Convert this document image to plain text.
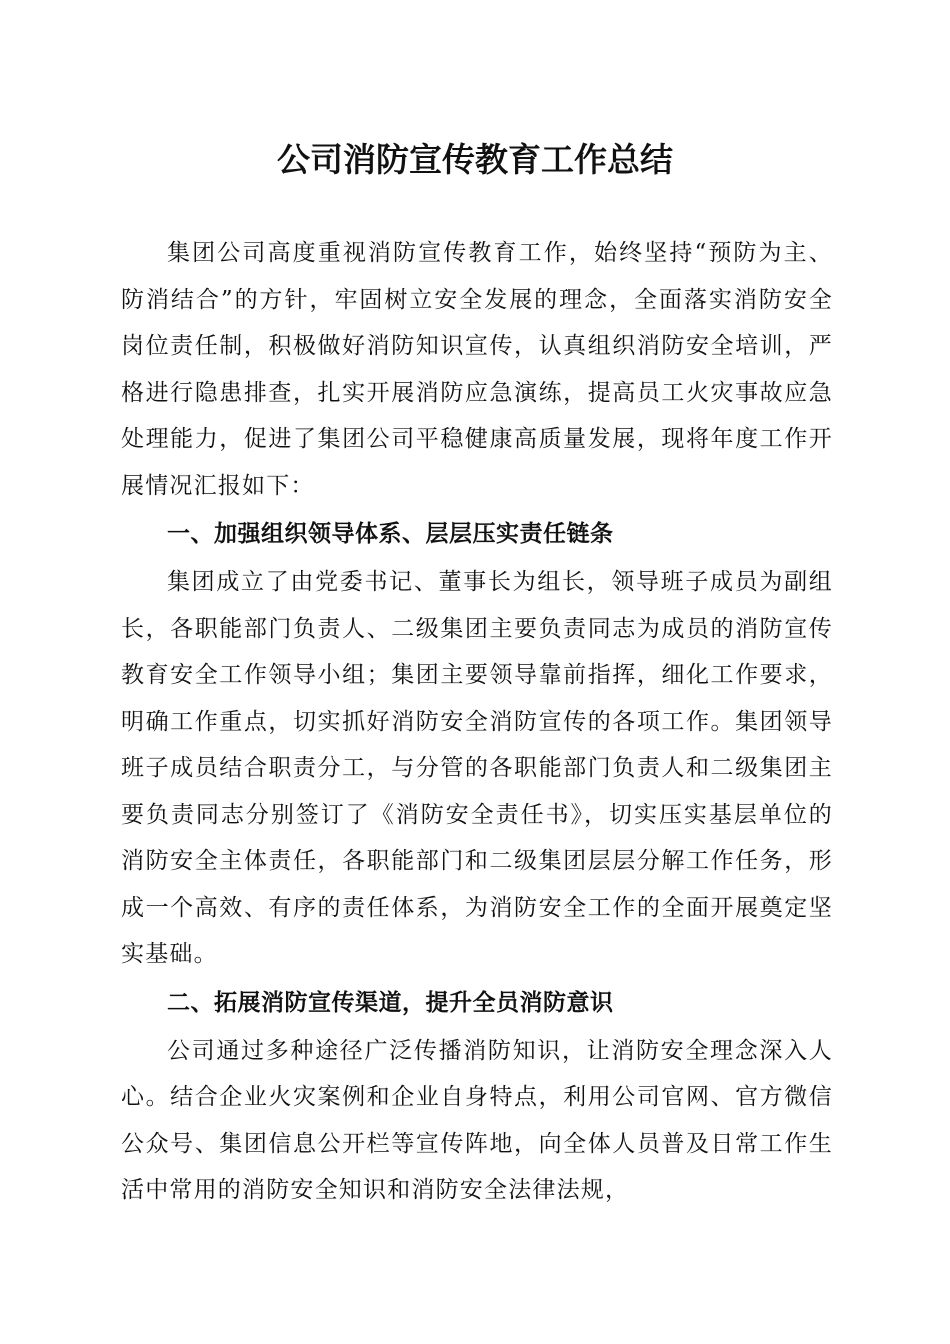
公司消防宣传教育工作总结

集团公司高度重视消防宣传教育工作，始终坚持“预防为主、防消结合”的方针，牢固树立安全发展的理念，全面落实消防安全岗位责任制，积极做好消防知识宣传，认真组织消防安全培训，严格进行隐患排查，扎实开展消防应急演练，提高员工火灾事故应急处理能力，促进了集团公司平稳健康高质量发展，现将年度工作开展情况汇报如下：

一、加强组织领导体系、层层压实责任链条

集团成立了由党委书记、董事长为组长，领导班子成员为副组长，各职能部门负责人、二级集团主要负责同志为成员的消防宣传教育安全工作领导小组；集团主要领导靠前指挥，细化工作要求，明确工作重点，切实抓好消防安全消防宣传的各项工作。集团领导班子成员结合职责分工，与分管的各职能部门负责人和二级集团主要负责同志分别签订了《消防安全责任书》，切实压实基层单位的消防安全主体责任，各职能部门和二级集团层层分解工作任务，形成一个高效、有序的责任体系，为消防安全工作的全面开展奠定坚实基础。

二、拓展消防宣传渠道，提升全员消防意识

公司通过多种途径广泛传播消防知识，让消防安全理念深入人心。结合企业火灾案例和企业自身特点，利用公司官网、官方微信公众号、集团信息公开栏等宣传阵地，向全体人员普及日常工作生活中常用的消防安全知识和消防安全法律法规，
